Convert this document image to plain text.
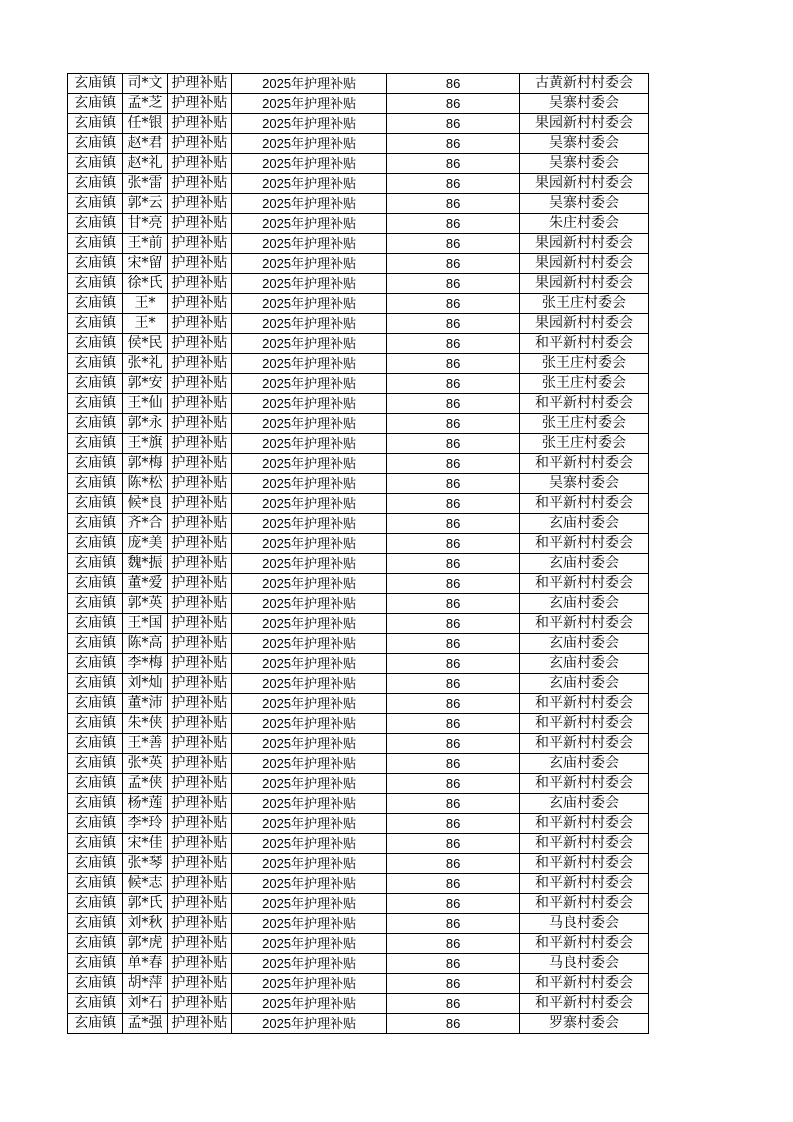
玄庙镇	司*文	护理补贴	2025年护理补贴	86	古黄新村村委会
玄庙镇	孟*芝	护理补贴	2025年护理补贴	86	吴寨村委会
玄庙镇	任*银	护理补贴	2025年护理补贴	86	果园新村村委会
玄庙镇	赵*君	护理补贴	2025年护理补贴	86	吴寨村委会
玄庙镇	赵*礼	护理补贴	2025年护理补贴	86	吴寨村委会
玄庙镇	张*雷	护理补贴	2025年护理补贴	86	果园新村村委会
玄庙镇	郭*云	护理补贴	2025年护理补贴	86	吴寨村委会
玄庙镇	甘*亮	护理补贴	2025年护理补贴	86	朱庄村委会
玄庙镇	王*前	护理补贴	2025年护理补贴	86	果园新村村委会
玄庙镇	宋*留	护理补贴	2025年护理补贴	86	果园新村村委会
玄庙镇	徐*氏	护理补贴	2025年护理补贴	86	果园新村村委会
玄庙镇	王*	护理补贴	2025年护理补贴	86	张王庄村委会
玄庙镇	王*	护理补贴	2025年护理补贴	86	果园新村村委会
玄庙镇	侯*民	护理补贴	2025年护理补贴	86	和平新村村委会
玄庙镇	张*礼	护理补贴	2025年护理补贴	86	张王庄村委会
玄庙镇	郭*安	护理补贴	2025年护理补贴	86	张王庄村委会
玄庙镇	王*仙	护理补贴	2025年护理补贴	86	和平新村村委会
玄庙镇	郭*永	护理补贴	2025年护理补贴	86	张王庄村委会
玄庙镇	王*旗	护理补贴	2025年护理补贴	86	张王庄村委会
玄庙镇	郭*梅	护理补贴	2025年护理补贴	86	和平新村村委会
玄庙镇	陈*松	护理补贴	2025年护理补贴	86	吴寨村委会
玄庙镇	候*良	护理补贴	2025年护理补贴	86	和平新村村委会
玄庙镇	齐*合	护理补贴	2025年护理补贴	86	玄庙村委会
玄庙镇	庞*美	护理补贴	2025年护理补贴	86	和平新村村委会
玄庙镇	魏*振	护理补贴	2025年护理补贴	86	玄庙村委会
玄庙镇	董*爱	护理补贴	2025年护理补贴	86	和平新村村委会
玄庙镇	郭*英	护理补贴	2025年护理补贴	86	玄庙村委会
玄庙镇	王*国	护理补贴	2025年护理补贴	86	和平新村村委会
玄庙镇	陈*高	护理补贴	2025年护理补贴	86	玄庙村委会
玄庙镇	李*梅	护理补贴	2025年护理补贴	86	玄庙村委会
玄庙镇	刘*灿	护理补贴	2025年护理补贴	86	玄庙村委会
玄庙镇	董*沛	护理补贴	2025年护理补贴	86	和平新村村委会
玄庙镇	朱*侠	护理补贴	2025年护理补贴	86	和平新村村委会
玄庙镇	王*善	护理补贴	2025年护理补贴	86	和平新村村委会
玄庙镇	张*英	护理补贴	2025年护理补贴	86	玄庙村委会
玄庙镇	孟*侠	护理补贴	2025年护理补贴	86	和平新村村委会
玄庙镇	杨*莲	护理补贴	2025年护理补贴	86	玄庙村委会
玄庙镇	李*玲	护理补贴	2025年护理补贴	86	和平新村村委会
玄庙镇	宋*佳	护理补贴	2025年护理补贴	86	和平新村村委会
玄庙镇	张*琴	护理补贴	2025年护理补贴	86	和平新村村委会
玄庙镇	候*志	护理补贴	2025年护理补贴	86	和平新村村委会
玄庙镇	郭*氏	护理补贴	2025年护理补贴	86	和平新村村委会
玄庙镇	刘*秋	护理补贴	2025年护理补贴	86	马良村委会
玄庙镇	郭*虎	护理补贴	2025年护理补贴	86	和平新村村委会
玄庙镇	单*春	护理补贴	2025年护理补贴	86	马良村委会
玄庙镇	胡*萍	护理补贴	2025年护理补贴	86	和平新村村委会
玄庙镇	刘*石	护理补贴	2025年护理补贴	86	和平新村村委会
玄庙镇	孟*强	护理补贴	2025年护理补贴	86	罗寨村委会
